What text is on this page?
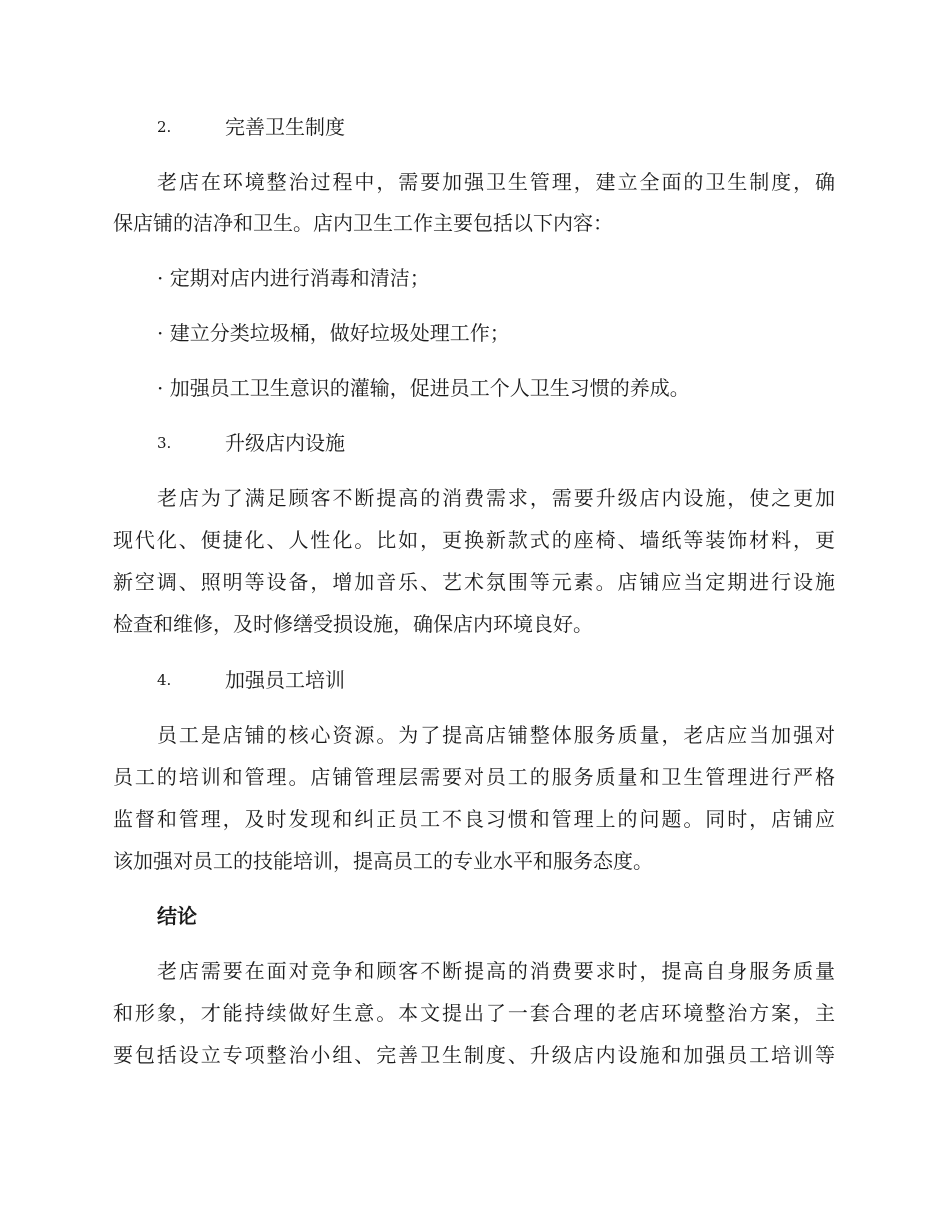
2.	完善卫生制度
老店在环境整治过程中，需要加强卫生管理，建立全面的卫生制度，确
保店铺的洁净和卫生。店内卫生工作主要包括以下内容：
· 定期对店内进行消毒和清洁；
· 建立分类垃圾桶，做好垃圾处理工作；
· 加强员工卫生意识的灌输，促进员工个人卫生习惯的养成。
3.	升级店内设施
老店为了满足顾客不断提高的消费需求，需要升级店内设施，使之更加
现代化、便捷化、人性化。比如，更换新款式的座椅、墙纸等装饰材料，更
新空调、照明等设备，增加音乐、艺术氛围等元素。店铺应当定期进行设施
检查和维修，及时修缮受损设施，确保店内环境良好。
4.	加强员工培训
员工是店铺的核心资源。为了提高店铺整体服务质量，老店应当加强对
员工的培训和管理。店铺管理层需要对员工的服务质量和卫生管理进行严格
监督和管理，及时发现和纠正员工不良习惯和管理上的问题。同时，店铺应
该加强对员工的技能培训，提高员工的专业水平和服务态度。
结论
老店需要在面对竞争和顾客不断提高的消费要求时，提高自身服务质量
和形象，才能持续做好生意。本文提出了一套合理的老店环境整治方案，主
要包括设立专项整治小组、完善卫生制度、升级店内设施和加强员工培训等
